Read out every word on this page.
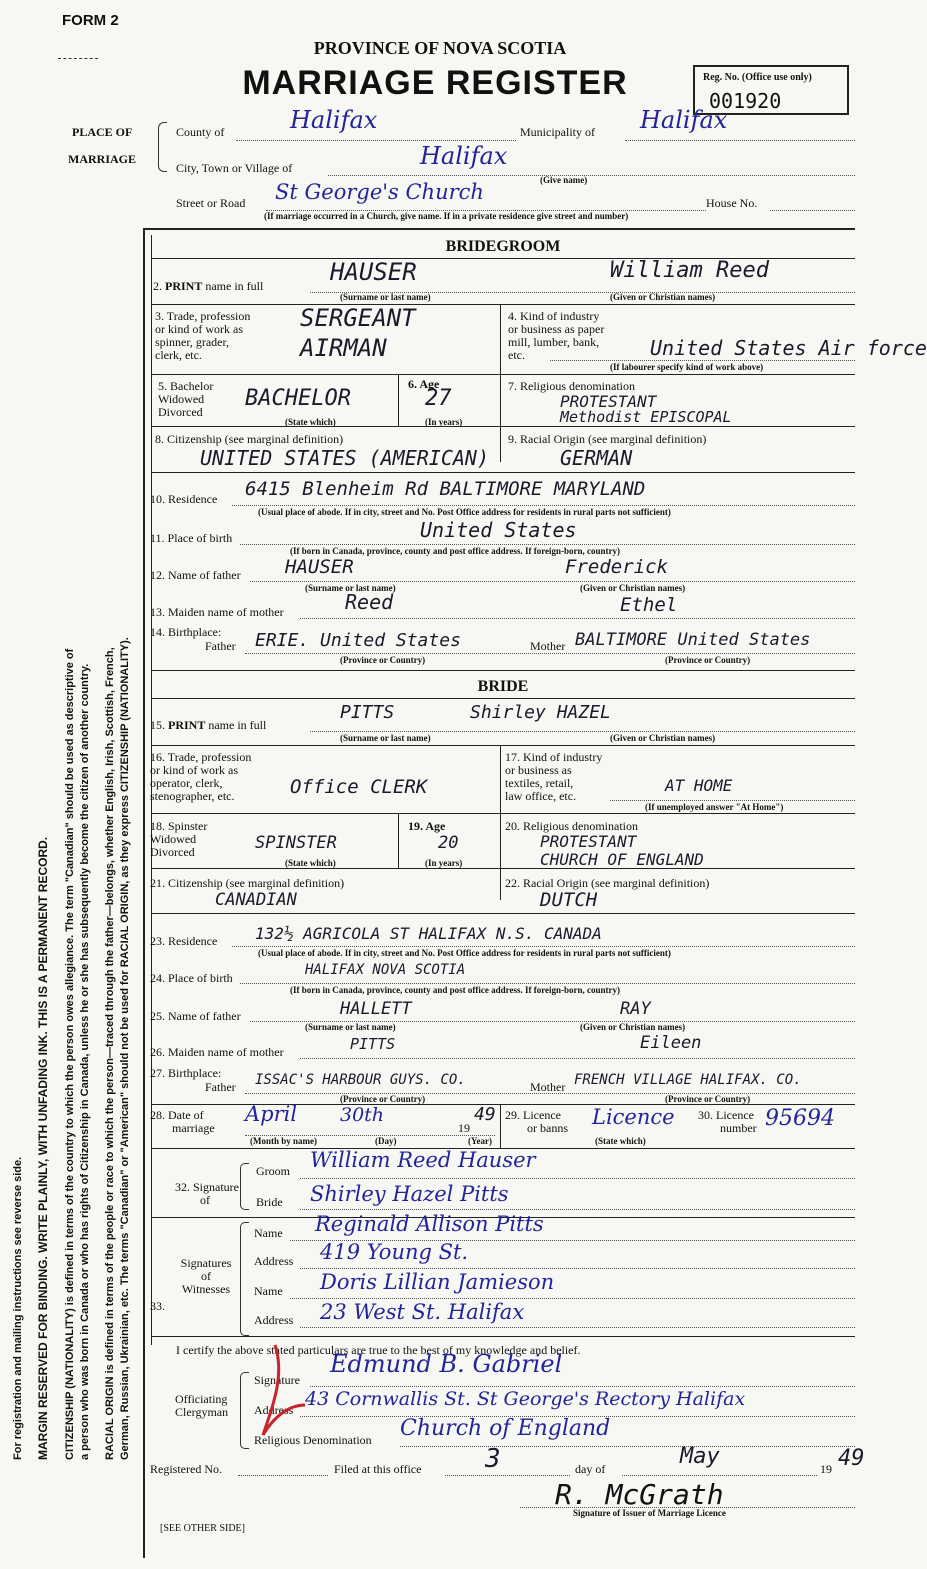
FORM 2
PROVINCE OF NOVA SCOTIA
MARRIAGE REGISTER	Reg. No. (Office use only)
001920
PLACE OF
MARRIAGE
County of	Halifax	Municipality of Halifax
City, Town or Village of	Halifax
(Give name)
Street or Road St George's Church	House No.
(If marriage occurred in a Church, give name. If in a private residence give street and number)
For registration and mailing instructions see reverse side. MARGIN RESERVED FOR BINDING. WRITE PLAINLY, WITH UNFADING INK. THIS IS A PERMANENT RECORD. CITIZENSHIP (NATIONALITY) is defined in terms of the country to which the person owes allegiance. The term "Canadian" should be used as descriptive of a person who was born in Canada or who has rights of Citizenship in Canada, unless he or she has subsequently become the citizen of another country. RACIAL ORIGIN is defined in terms of the people or race to which the person—traced through the father—belongs, whether English, Irish, Scottish, French, German, Russian, Ukrainian, etc. The terms "Canadian" or "American" should not be used for RACIAL ORIGIN, as they express CITIZENSHIP (NATIONALITY).
BRIDEGROOM
2. PRINT name in full	HAUSER	William Reed
(Surname or last name)	(Given or Christian names)
3. Trade, profession
or kind of work as
spinner, grader,
clerk, etc.
SERGEANT
AIRMAN
4. Kind of industry
or business as paper
mill, lumber, bank,
etc.	United States Air force
(If labourer specify kind of work above)
5. Bachelor
Widowed
Divorced
BACHELOR
(State which)
6. Age
27
(In years)
7. Religious denomination
PROTESTANT
Methodist EPISCOPAL
8. Citizenship (see marginal definition)
UNITED STATES (AMERICAN)
9. Racial Origin (see marginal definition)
GERMAN
10. Residence 6415 Blenheim Rd BALTIMORE MARYLAND
(Usual place of abode. If in city, street and No. Post Office address for residents in rural parts not sufficient)
11. Place of birth	United States
(If born in Canada, province, county and post office address. If foreign-born, country)
12. Name of father HAUSER	Frederick
(Surname or last name)	(Given or Christian names)
13. Maiden name of mother	Reed	Ethel
14. Birthplace:
Father ERIE. United States	Mother BALTIMORE United States
(Province or Country)	(Province or Country)
BRIDE
15. PRINT name in full
PITTS	Shirley HAZEL
(Surname or last name)	(Given or Christian names)
16. Trade, profession
or kind of work as
operator, clerk,
stenographer, etc.	Office CLERK
17. Kind of industry
or business as
textiles, retail,
law office, etc.
AT HOME
(If unemployed answer "At Home")
18. Spinster
Widowed
Divorced	SPINSTER
(State which)
19. Age
20
(In years)
20. Religious denomination
PROTESTANT
CHURCH OF ENGLAND
21. Citizenship (see marginal definition)
CANADIAN
22. Racial Origin (see marginal definition)
DUTCH
23. Residence 132½ AGRICOLA ST HALIFAX N.S. CANADA
(Usual place of abode. If in city, street and No. Post Office address for residents in rural parts not sufficient)
24. Place of birth	HALIFAX NOVA SCOTIA
(If born in Canada, province, county and post office address. If foreign-born, country)
25. Name of father	HALLETT	RAY
(Surname or last name)	(Given or Christian names)
26. Maiden name of mother	PITTS	Eileen
27. Birthplace:
Father ISSAC'S HARBOUR GUYS. CO.	Mother FRENCH VILLAGE HALIFAX. CO.
(Province or Country)	(Province or Country)
28. Date of
marriage
April 30th
19
49
(Month by name)	(Day)	(Year)
29. Licence
or banns Licence
(State which)
30. Licence
number 95694
32. Signature
of
Groom William Reed Hauser
Bride Shirley Hazel Pitts
33.
Signatures
of
Witnesses
Name Reginald Allison Pitts
Address 419 Young St.
Name Doris Lillian Jamieson
Address 23 West St. Halifax
I certify the above stated particulars are true to the best of my knowledge and belief.
Officiating
Clergyman
Signature
Edmund B. Gabriel
Address 43 Cornwallis St. St George's Rectory Halifax
Religious Denomination Church of England
Registered No.	Filed at this office 3	day of	May	19 49
R. McGrath
Signature of Issuer of Marriage Licence
[SEE OTHER SIDE]
